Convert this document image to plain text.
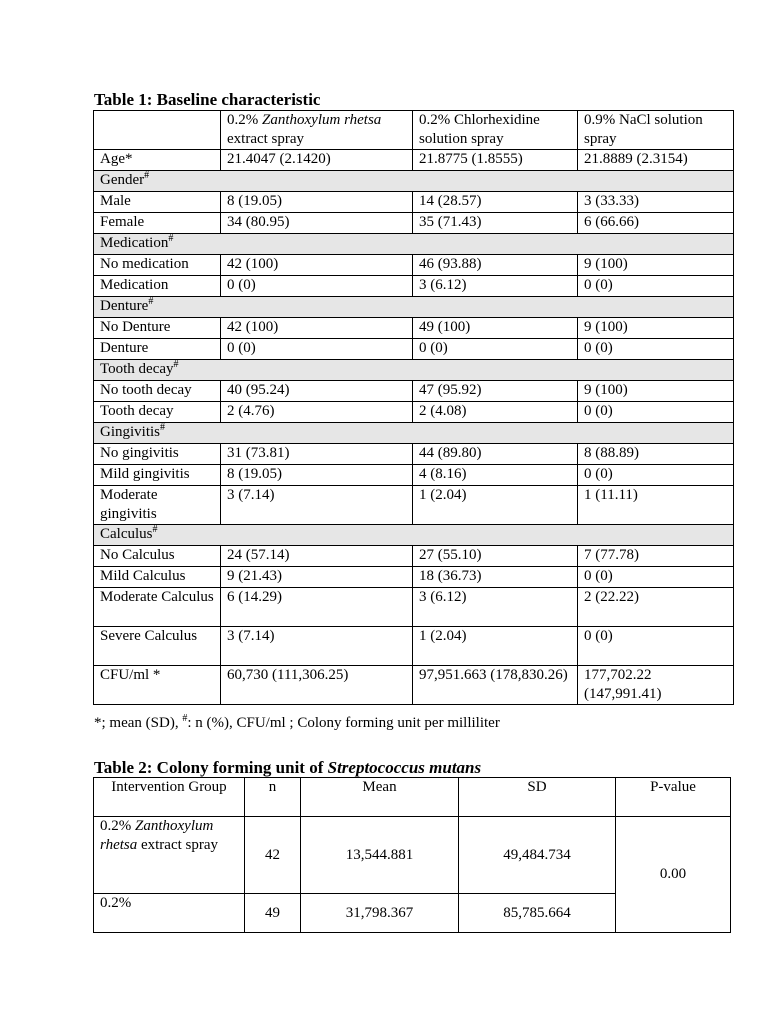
Table 1: Baseline characteristic
	0.2% Zanthoxylum rhetsa extract spray	0.2% Chlorhexidine solution spray	0.9% NaCl solution spray
Age*	21.4047 (2.1420)	21.8775 (1.8555)	21.8889 (2.3154)
Gender#
Male	8 (19.05)	14 (28.57)	3 (33.33)
Female	34 (80.95)	35 (71.43)	6 (66.66)
Medication#
No medication	42 (100)	46 (93.88)	9 (100)
Medication	0 (0)	3 (6.12)	0 (0)
Denture#
No Denture	42 (100)	49 (100)	9 (100)
Denture	0 (0)	0 (0)	0 (0)
Tooth decay#
No tooth decay	40 (95.24)	47 (95.92)	9 (100)
Tooth decay	2 (4.76)	2 (4.08)	0 (0)
Gingivitis#
No gingivitis	31 (73.81)	44 (89.80)	8 (88.89)
Mild gingivitis	8 (19.05)	4 (8.16)	0 (0)
Moderate gingivitis	3 (7.14)	1 (2.04)	1 (11.11)
Calculus#
No Calculus	24 (57.14)	27 (55.10)	7 (77.78)
Mild Calculus	9 (21.43)	18 (36.73)	0 (0)
Moderate Calculus	6 (14.29)	3 (6.12)	2 (22.22)
Severe Calculus	3 (7.14)	1 (2.04)	0 (0)
CFU/ml *	60,730 (111,306.25)	97,951.663 (178,830.26)	177,702.22 (147,991.41)
*; mean (SD), #: n (%), CFU/ml ; Colony forming unit per milliliter
Table 2: Colony forming unit of Streptococcus mutans
Intervention Group	n	Mean	SD	P-value
0.2% Zanthoxylum rhetsa extract spray	42	13,544.881	49,484.734	0.00
0.2%	49	31,798.367	85,785.664	
